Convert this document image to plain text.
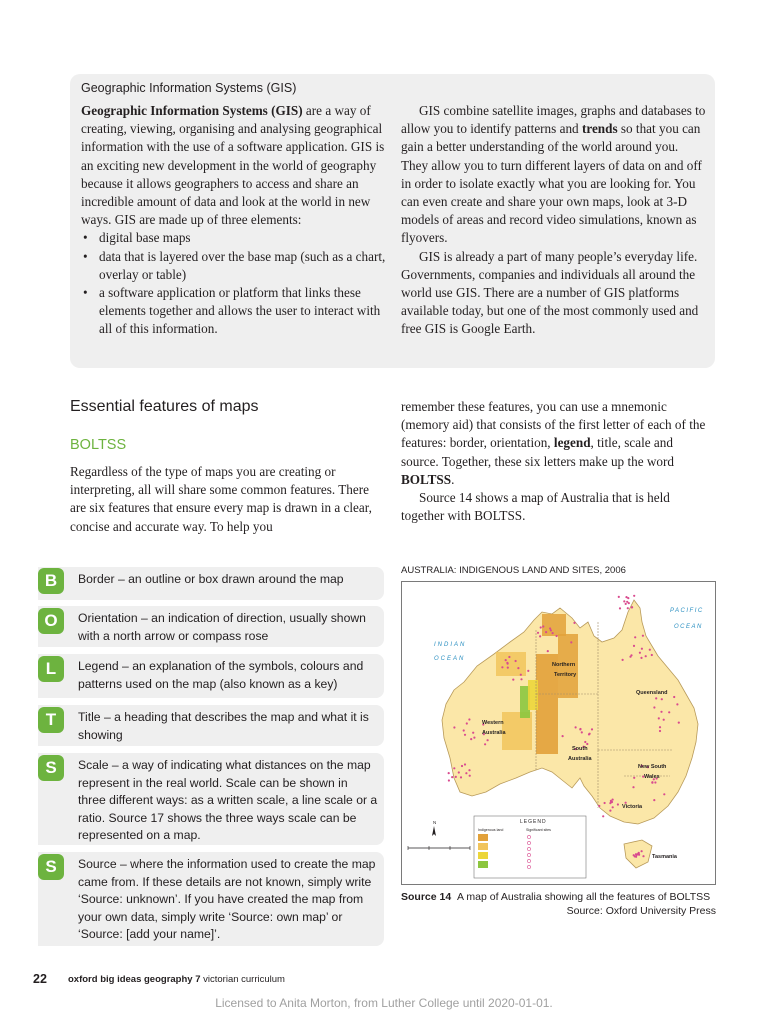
Geographic Information Systems (GIS)

Geographic Information Systems (GIS) are a way of creating, viewing, organising and analysing geographical information with the use of a software application. GIS is an exciting new development in the world of geography because it allows geographers to access and share an incredible amount of data and look at the world in new ways. GIS are made up of three elements:

• digital base maps
• data that is layered over the base map (such as a chart, overlay or table)
• a software application or platform that links these elements together and allows the user to interact with all of this information.

GIS combine satellite images, graphs and databases to allow you to identify patterns and trends so that you can gain a better understanding of the world around you. They allow you to turn different layers of data on and off in order to isolate exactly what you are looking for. You can even create and share your own maps, look at 3-D models of areas and record video simulations, known as flyovers.

GIS is already a part of many people’s everyday life. Governments, companies and individuals all around the world use GIS. There are a number of GIS platforms available today, but one of the most commonly used and free GIS is Google Earth.

Essential features of maps
BOLTSS

Regardless of the type of maps you are creating or interpreting, all will share some common features. There are six features that ensure every map is drawn in a clear, concise and accurate way. To help you

remember these features, you can use a mnemonic (memory aid) that consists of the first letter of each of the features: border, orientation, legend, title, scale and source. Together, these six letters make up the word BOLTSS.

Source 14 shows a map of Australia that is held together with BOLTSS.

B	Border – an outline or box drawn around the map
O	Orientation – an indication of direction, usually shown with a north arrow or compass rose
L	Legend – an explanation of the symbols, colours and patterns used on the map (also known as a key)
T	Title – a heading that describes the map and what it is showing
S	Scale – a way of indicating what distances on the map represent in the real world. Scale can be shown in three different ways: as a written scale, a line scale or a ratio. Source 17 shows the three ways scale can be represented on a map.
S	Source – where the information used to create the map came from. If these details are not known, simply write ‘Source: unknown’. If you have created the map from your own data, simply write ‘Source: own map’ or ‘Source: [add your name]’.
AUSTRALIA: INDIGENOUS LAND AND SITES, 2006
LEGEND
Indigenous land	Significant sites
N
INDIAN
OCEAN
PACIFIC
OCEAN
Western
Australia
Northern
Territory
Queensland
South
Australia
New South
Wales
Victoria
Tasmania
Source 14 A map of Australia showing all the features of BOLTSS
Source: Oxford University Press
22 oxford big ideas geography 7 victorian curriculum
Licensed to Anita Morton, from Luther College until 2020-01-01.
